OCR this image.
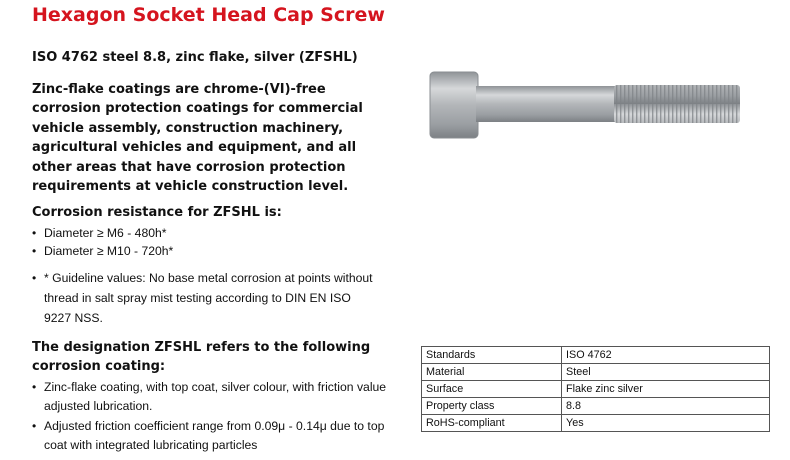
Hexagon Socket Head Cap Screw

ISO 4762 steel 8.8, zinc flake, silver (ZFSHL)

Zinc-flake coatings are chrome-(VI)-free corrosion protection coatings for commercial vehicle assembly, construction machinery, agricultural vehicles and equipment, and all other areas that have corrosion protection requirements at vehicle construction level.

Corrosion resistance for ZFSHL is:

• Diameter ≥ M6 - 480h*
• Diameter ≥ M10 - 720h*
• * Guideline values: No base metal corrosion at points without thread in salt spray mist testing according to DIN EN ISO 9227 NSS.

The designation ZFSHL refers to the following corrosion coating:

• Zinc-flake coating, with top coat, silver colour, with friction value adjusted lubrication.
• Adjusted friction coefficient range from 0.09μ - 0.14μ due to top coat with integrated lubricating particles
Standards	ISO 4762
Material	Steel
Surface	Flake zinc silver
Property class	8.8
RoHS-compliant	Yes
